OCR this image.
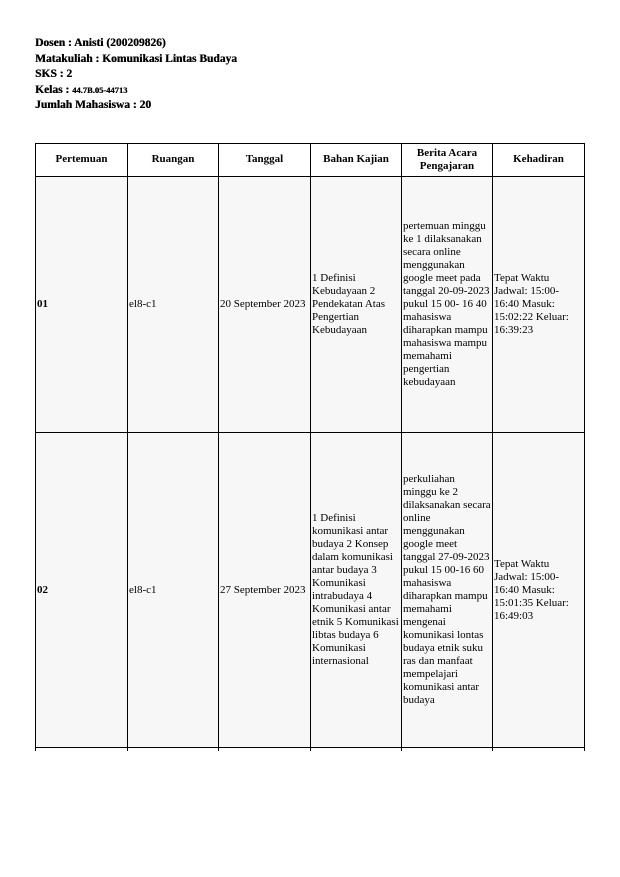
Dosen : Anisti (200209826)
Matakuliah : Komunikasi Lintas Budaya
SKS : 2
Kelas : 44.7B.05-44713
Jumlah Mahasiswa : 20
Pertemuan	Ruangan	Tanggal	Bahan Kajian	Berita Acara Pengajaran	Kehadiran
01	el8-c1	20 September 2023	1 Definisi Kebudayaan 2 Pendekatan Atas Pengertian Kebudayaan	pertemuan minggu ke 1 dilaksanakan secara online menggunakan google meet pada tanggal 20-09-2023 pukul 15 00- 16 40 mahasiswa diharapkan mampu mahasiswa mampu memahami pengertian kebudayaan	Tepat Waktu Jadwal: 15:00-16:40 Masuk: 15:02:22 Keluar: 16:39:23
02	el8-c1	27 September 2023	1 Definisi komunikasi antar budaya 2 Konsep dalam komunikasi antar budaya 3 Komunikasi intrabudaya 4 Komunikasi antar etnik 5 Komunikasi libtas budaya 6 Komunikasi internasional	perkuliahan minggu ke 2 dilaksanakan secara online menggunakan google meet tanggal 27-09-2023 pukul 15 00-16 60 mahasiswa diharapkan mampu memahami mengenai komunikasi lontas budaya etnik suku ras dan manfaat mempelajari komunikasi antar budaya	Tepat Waktu Jadwal: 15:00-16:40 Masuk: 15:01:35 Keluar: 16:49:03
